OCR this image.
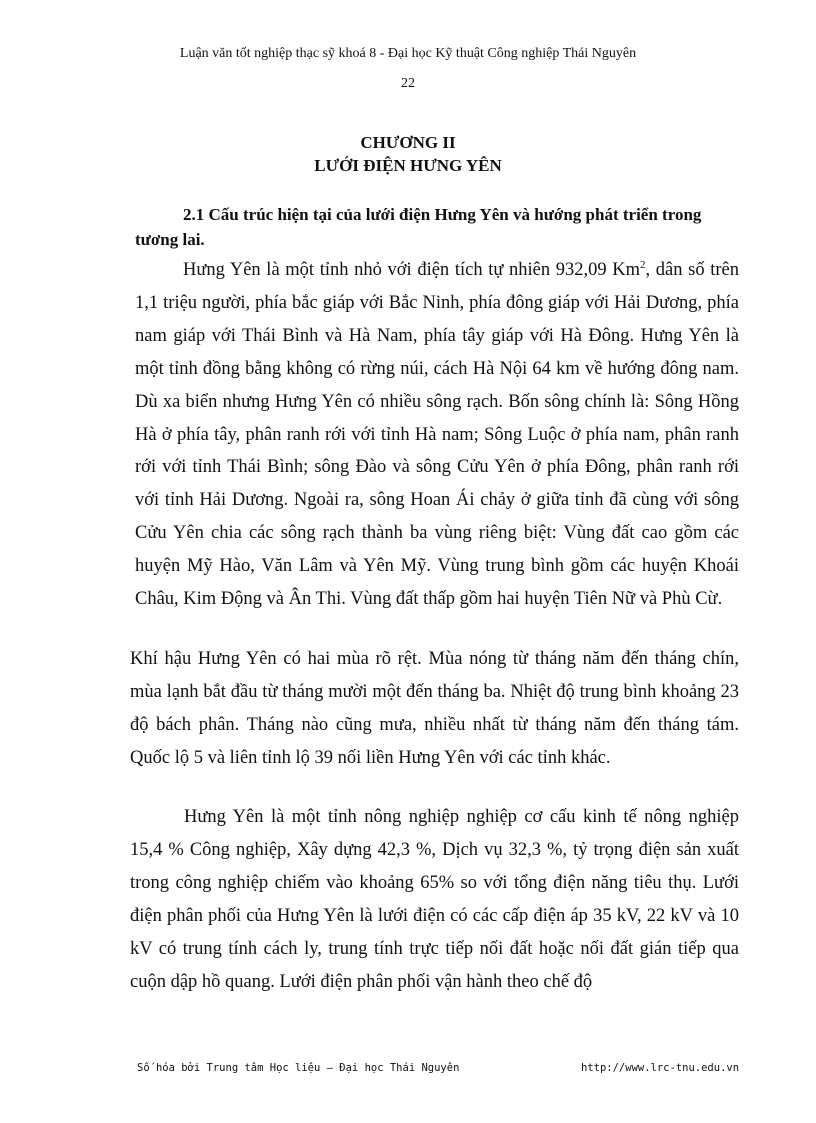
Luận văn tốt nghiệp thạc sỹ khoá 8 - Đại học Kỹ thuật Công nghiệp Thái Nguyên
22
CHƯƠNG II
LƯỚI ĐIỆN HƯNG YÊN
2.1 Cấu trúc hiện tại của lưới điện Hưng Yên và hướng phát triển trong tương lai.

Hưng Yên là một tỉnh nhỏ với điện tích tự nhiên 932,09 Km$^2$, dân số trên 1,1 triệu người, phía bắc giáp với Bắc Ninh, phía đông giáp với Hải Dương, phía nam giáp với Thái Bình và Hà Nam, phía tây giáp với Hà Đông. Hưng Yên là một tỉnh đồng bằng không có rừng núi, cách Hà Nội 64 km về hướng đông nam. Dù xa biển nhưng Hưng Yên có nhiều sông rạch. Bốn sông chính là: Sông Hồng Hà ở phía tây, phân ranh rới với tỉnh Hà nam; Sông Luộc ở phía nam, phân ranh rới với tỉnh Thái Bình; sông Đào và sông Cửu Yên ở phía Đông, phân ranh rới với tỉnh Hải Dương. Ngoài ra, sông Hoan Ái chảy ở giữa tỉnh đã cùng với sông Cửu Yên chia các sông rạch thành ba vùng riêng biệt: Vùng đất cao gồm các huyện Mỹ Hào, Văn Lâm và Yên Mỹ. Vùng trung bình gồm các huyện Khoái Châu, Kim Động và Ân Thi. Vùng đất thấp gồm hai huyện Tiên Nữ và Phù Cừ.

Khí hậu Hưng Yên có hai mùa rõ rệt. Mùa nóng từ tháng năm đến tháng chín, mùa lạnh bắt đầu từ tháng mười một đến tháng ba. Nhiệt độ trung bình khoảng 23 độ bách phân. Tháng nào cũng mưa, nhiều nhất từ tháng năm đến tháng tám. Quốc lộ 5 và liên tỉnh lộ 39 nối liền Hưng Yên với các tỉnh khác.

Hưng Yên là một tỉnh nông nghiệp nghiệp cơ cấu kinh tế nông nghiệp 15,4 % Công nghiệp, Xây dựng 42,3 %, Dịch vụ 32,3 %, tỷ trọng điện sản xuất trong công nghiệp chiếm vào khoảng 65% so với tổng điện năng tiêu thụ. Lưới điện phân phối của Hưng Yên là lưới điện có các cấp điện áp 35 kV, 22 kV và 10 kV có trung tính cách ly, trung tính trực tiếp nối đất hoặc nối đất gián tiếp qua cuộn dập hồ quang. Lưới điện phân phối vận hành theo chế độ

Số hóa bởi Trung tâm Học liệu – Đại học Thái Nguyên	http://www.lrc-tnu.edu.vn
